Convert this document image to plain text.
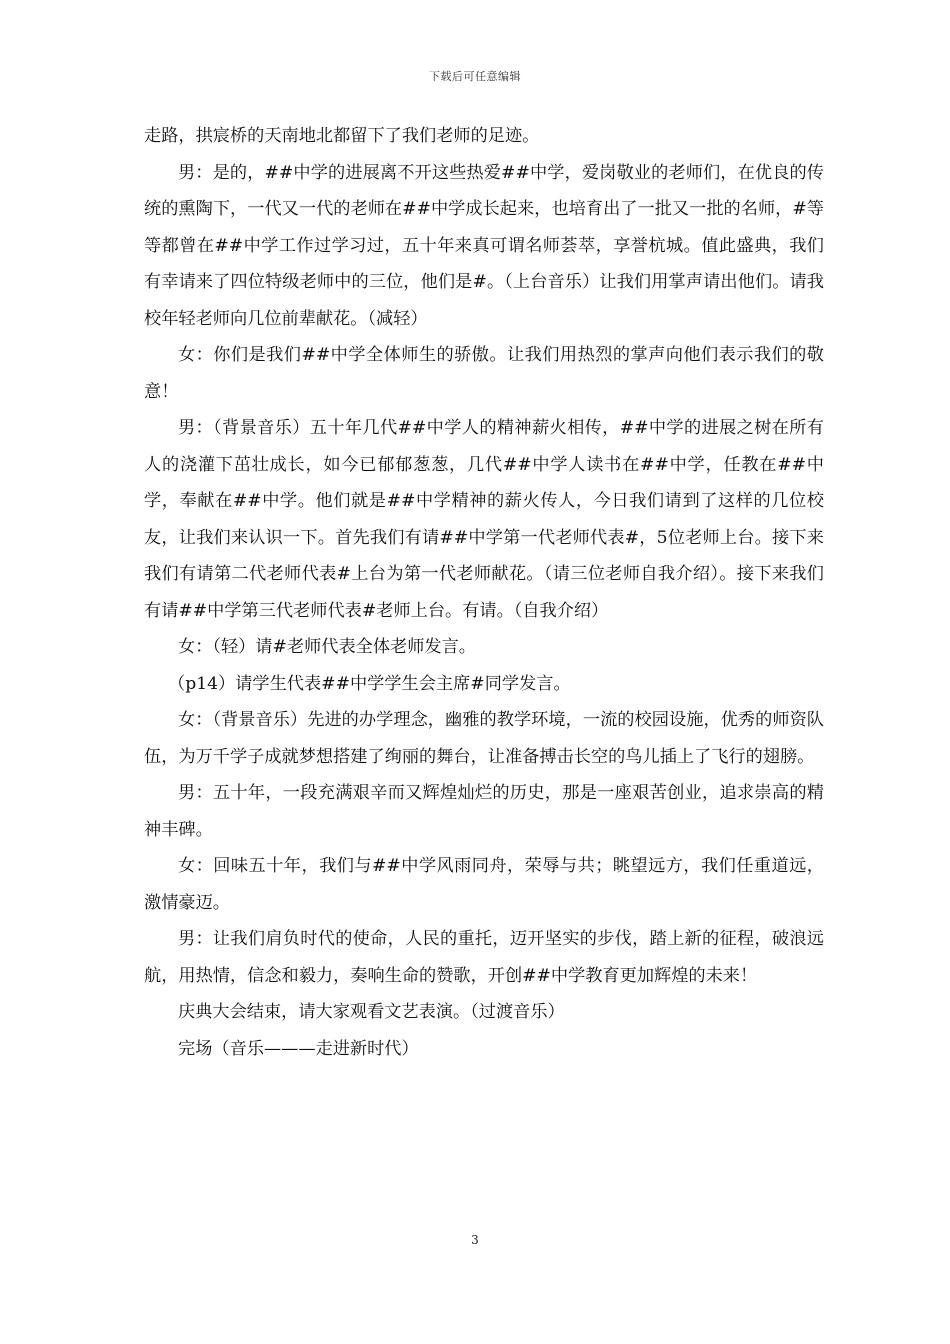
下载后可任意编辑

走路，拱宸桥的天南地北都留下了我们老师的足迹。

男：是的，##中学的进展离不开这些热爱##中学，爱岗敬业的老师们，在优良的传统的熏陶下，一代又一代的老师在##中学成长起来，也培育出了一批又一批的名师，#等等都曾在##中学工作过学习过，五十年来真可谓名师荟萃，享誉杭城。值此盛典，我们有幸请来了四位特级老师中的三位，他们是#。（上台音乐）让我们用掌声请出他们。请我校年轻老师向几位前辈献花。（减轻）

女：你们是我们##中学全体师生的骄傲。让我们用热烈的掌声向他们表示我们的敬意！

男：（背景音乐）五十年几代##中学人的精神薪火相传，##中学的进展之树在所有人的浇灌下茁壮成长，如今已郁郁葱葱，几代##中学人读书在##中学，任教在##中学，奉献在##中学。他们就是##中学精神的薪火传人，今日我们请到了这样的几位校友，让我们来认识一下。首先我们有请##中学第一代老师代表#，5位老师上台。接下来我们有请第二代老师代表#上台为第一代老师献花。（请三位老师自我介绍）。接下来我们有请##中学第三代老师代表#老师上台。有请。（自我介绍）

女：（轻）请#老师代表全体老师发言。

（p14）请学生代表##中学学生会主席#同学发言。

女：（背景音乐）先进的办学理念，幽雅的教学环境，一流的校园设施，优秀的师资队伍，为万千学子成就梦想搭建了绚丽的舞台，让准备搏击长空的鸟儿插上了飞行的翅膀。

男：五十年，一段充满艰辛而又辉煌灿烂的历史，那是一座艰苦创业，追求崇高的精神丰碑。

女：回味五十年，我们与##中学风雨同舟，荣辱与共；眺望远方，我们任重道远，激情豪迈。

男：让我们肩负时代的使命，人民的重托，迈开坚实的步伐，踏上新的征程，破浪远航，用热情，信念和毅力，奏响生命的赞歌，开创##中学教育更加辉煌的未来！

庆典大会结束，请大家观看文艺表演。（过渡音乐）

完场（音乐———走进新时代）

3
